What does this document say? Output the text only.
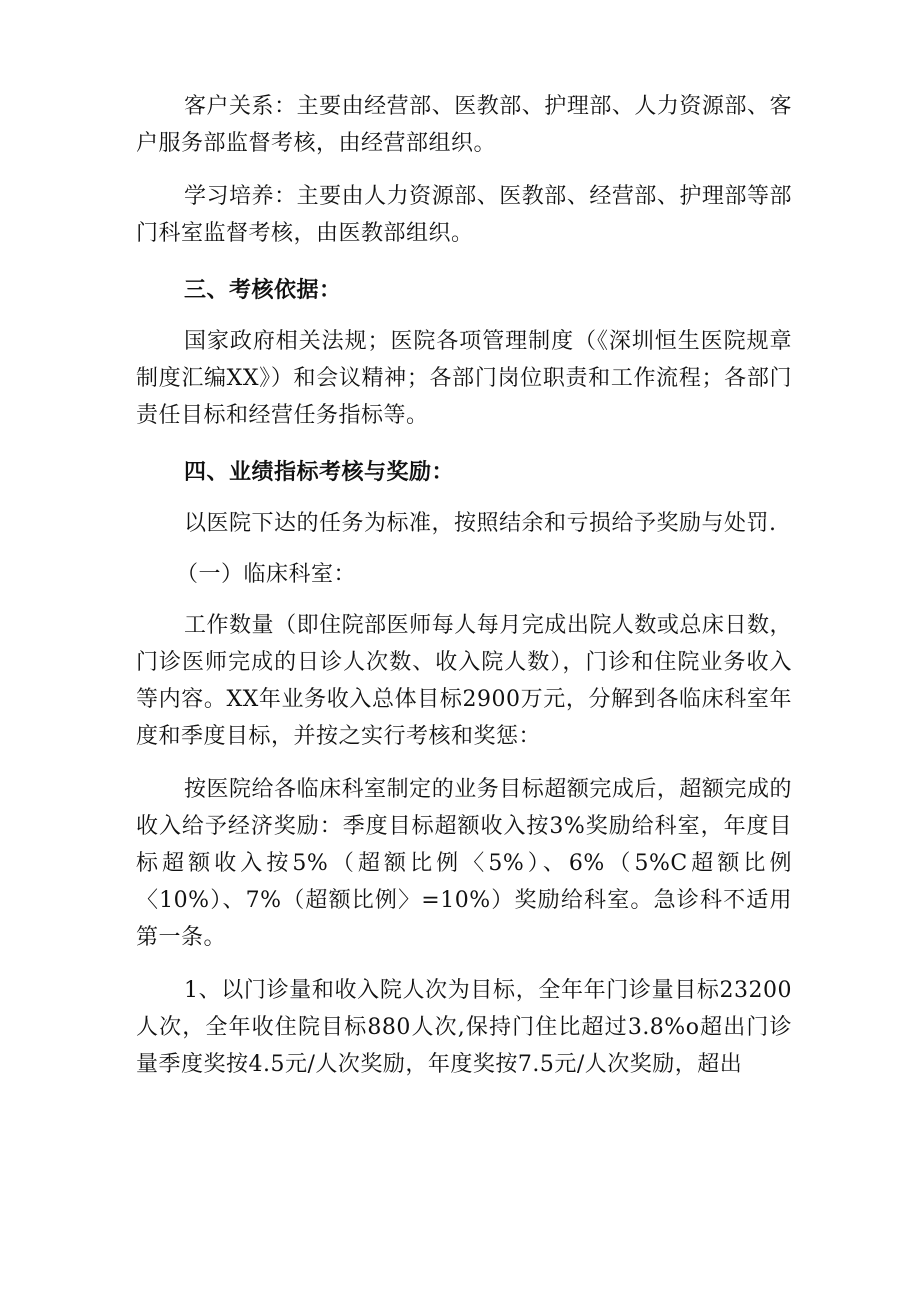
客户关系：主要由经营部、医教部、护理部、人力资源部、客户服务部监督考核，由经营部组织。

学习培养：主要由人力资源部、医教部、经营部、护理部等部门科室监督考核，由医教部组织。

三、考核依据：

国家政府相关法规；医院各项管理制度（《深圳恒生医院规章制度汇编XX》）和会议精神；各部门岗位职责和工作流程；各部门责任目标和经营任务指标等。

四、业绩指标考核与奖励：

以医院下达的任务为标准，按照结余和亏损给予奖励与处罚.

（一）临床科室：

工作数量（即住院部医师每人每月完成出院人数或总床日数，门诊医师完成的日诊人次数、收入院人数），门诊和住院业务收入等内容。XX年业务收入总体目标2900万元，分解到各临床科室年度和季度目标，并按之实行考核和奖惩：

按医院给各临床科室制定的业务目标超额完成后，超额完成的收入给予经济奖励：季度目标超额收入按3%奖励给科室，年度目标超额收入按5%（超额比例〈5%）、6%（5%C超额比例〈10%）、7%（超额比例〉=10%）奖励给科室。急诊科不适用第一条。

1、以门诊量和收入院人次为目标，全年年门诊量目标23200人次，全年收住院目标880人次,保持门住比超过3.8%o超出门诊量季度奖按4.5元/人次奖励，年度奖按7.5元/人次奖励，超出
